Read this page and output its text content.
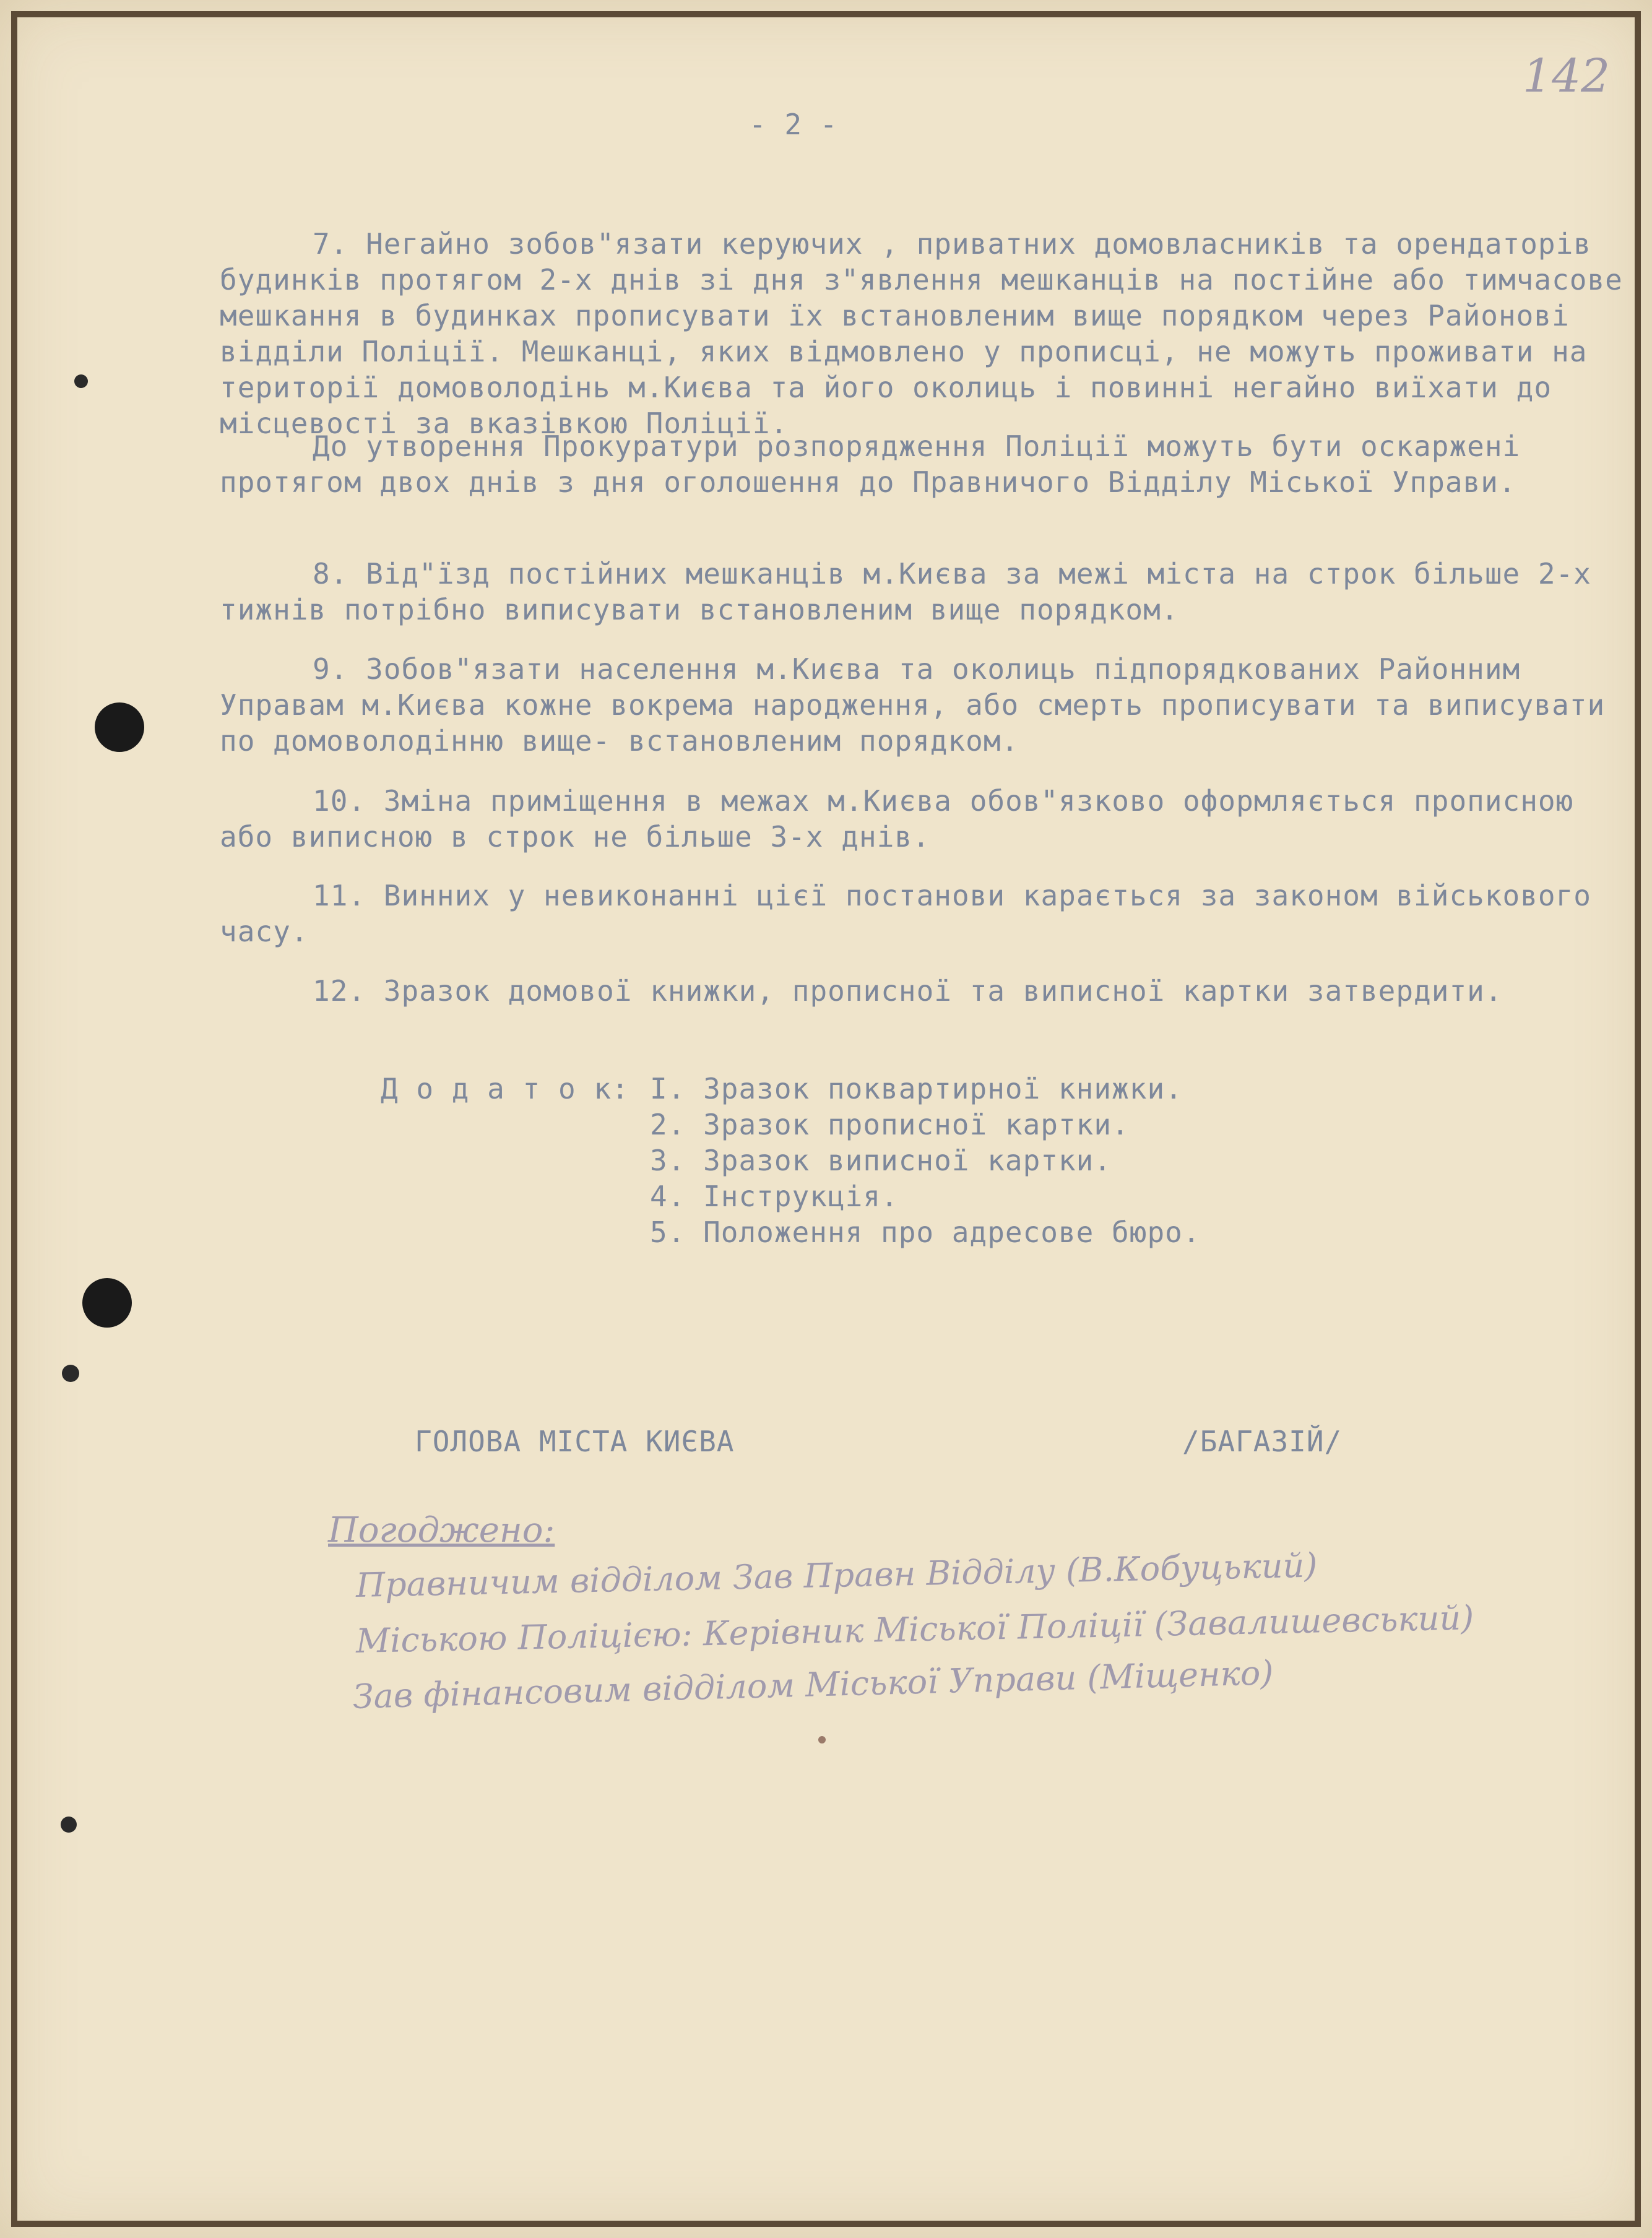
142
- 2 -
7. Негайно зобов"язати керуючих , приватних домовласників та орендаторів будинків протягом 2-х днів зі дня з"явлення мешканців на постійне або тимчасове мешкання в будинках прописувати їх встановленим вище порядком через Районові відділи Поліції. Мешканці, яких відмовлено у прописці, не можуть проживати на території домоволодінь м.Києва та його околиць і повинні негайно виїхати до місцевості за вказівкою Поліції.
До утворення Прокуратури розпорядження Поліції можуть бути оскаржені протягом двох днів з дня оголошення до Правничого Відділу Міської Управи.
8. Від"їзд постійних мешканців м.Києва за межі міста на строк більше 2-х тижнів потрібно виписувати встановленим вище порядком.
9. Зобов"язати населення м.Києва та околиць підпорядкованих Районним Управам м.Києва кожне вокрема народження, або смерть прописувати та виписувати по домоволодінню вище- встановленим порядком.
10. Зміна приміщення в межах м.Києва обов"язково оформляється прописною або виписною в строк не більше 3-х днів.
11. Винних у невиконанні цієї постанови карається за законом військового часу.
12. Зразок домової книжки, прописної та виписної картки затвердити.
Д о д а т о к: I. Зразок поквартирної книжки.
2. Зразок прописної картки.
3. Зразок виписної картки.
4. Інструкція.
5. Положення про адресове бюро.
ГОЛОВА МІСТА КИЄВА	/БАГАЗІЙ/
Погоджено:
Правничим відділом Зав Правн Відділу (В.Кобуцький)
Міською Поліцією: Керівник Міської Поліції (Завалишевський)
Зав фінансовим відділом Міської Управи (Міщенко)
